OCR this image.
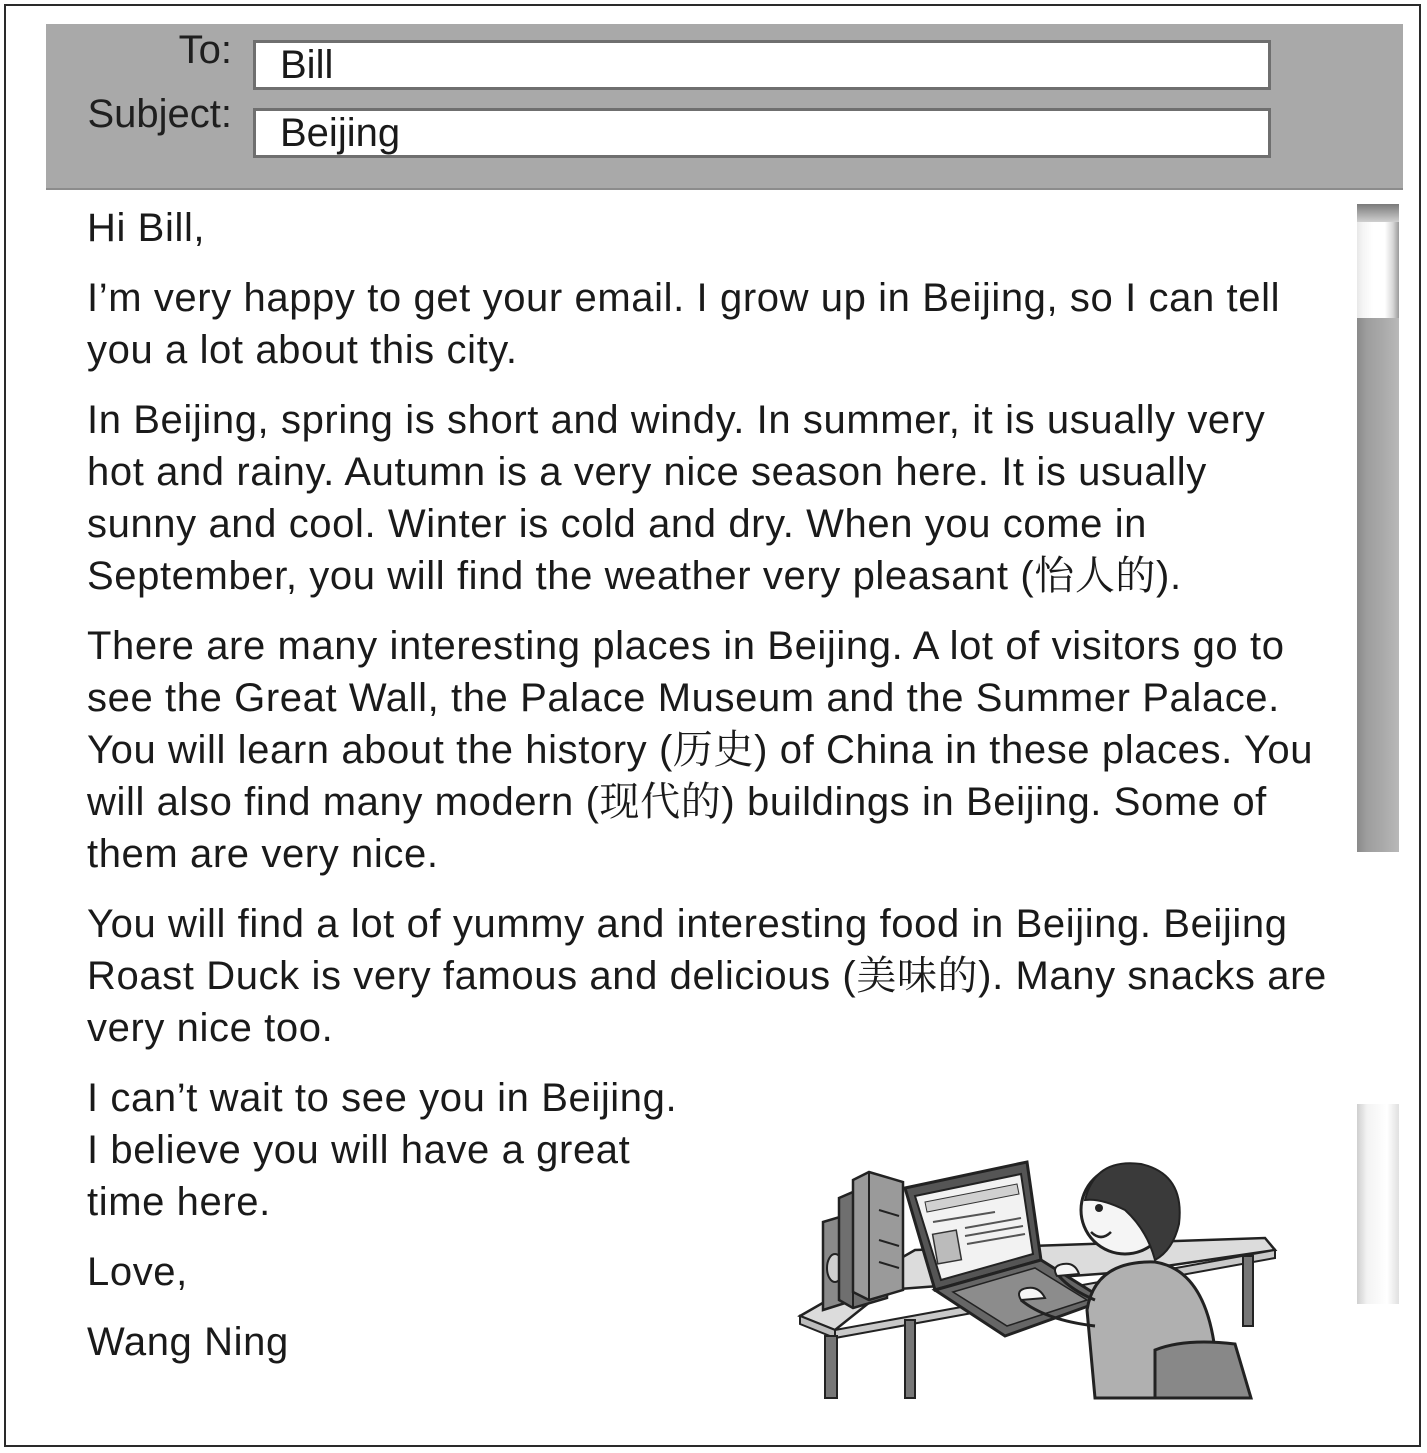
To:
Subject:
Bill
Beijing

Hi Bill,

I’m very happy to get your email. I grow up in Beijing, so I can tell you a lot about this city.

In Beijing, spring is short and windy. In summer, it is usually very hot and rainy. Autumn is a very nice season here. It is usually sunny and cool. Winter is cold and dry. When you come in September, you will find the weather very pleasant (怡人的).

There are many interesting places in Beijing. A lot of visitors go to see the Great Wall, the Palace Museum and the Summer Palace. You will learn about the history (历史) of China in these places. You will also find many modern (现代的) buildings in Beijing. Some of them are very nice.

You will find a lot of yummy and interesting food in Beijing. Beijing Roast Duck is very famous and delicious (美味的). Many snacks are very nice too.

I can’t wait to see you in Beijing.
I believe you will have a great
time here.

Love,

Wang Ning
